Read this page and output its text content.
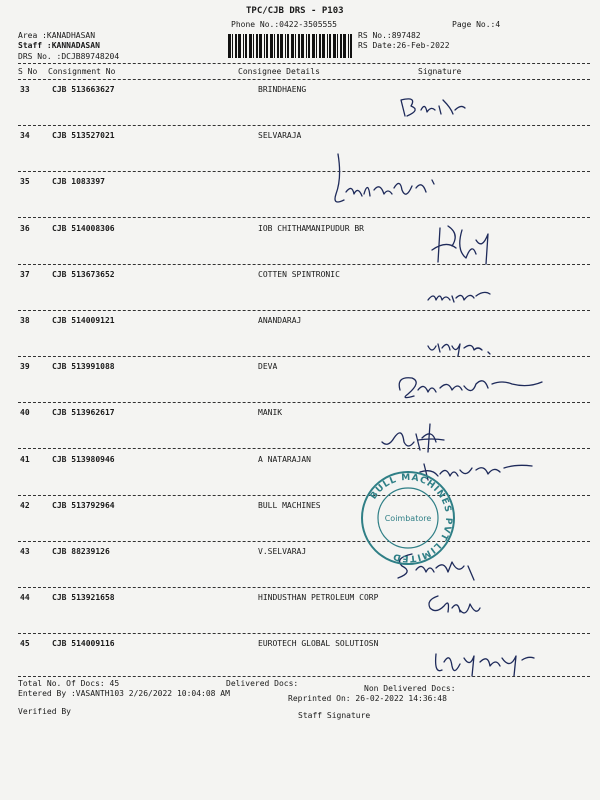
TPC/CJB DRS - P103
Phone No.:0422-3505555	Page No.:4
Area :KANADHASAN
Staff :KANNADASAN
DRS No. :DCJB89748204
RS No.:897482
RS Date:26-Feb-2022
S No Consignment No	Consignee Details	Signature
33	CJB 513663627	BRINDHAENG
34	CJB 513527021	SELVARAJA
35	CJB 1083397
36	CJB 514008306	IOB CHITHAMANIPUDUR BR
37	CJB 513673652	COTTEN SPINTRONIC
38	CJB 514009121	ANANDARAJ
39	CJB 513991088	DEVA
40	CJB 513962617	MANIK
41	CJB 513980946	A NATARAJAN
42	CJB 513792964	BULL MACHINES
43	CJB 88239126	V.SELVARAJ
44	CJB 513921658	HINDUSTHAN PETROLEUM CORP
45	CJB 514009116	EUROTECH GLOBAL SOLUTIOSN
BULL MACHINES PVT LIMITED
Coimbatore
Total No. Of Docs: 45	Delivered Docs:
Non Delivered Docs:
Entered By :VASANTH103 2/26/2022 10:04:08 AM
Reprinted On: 26-02-2022 14:36:48
Verified By	Staff Signature
